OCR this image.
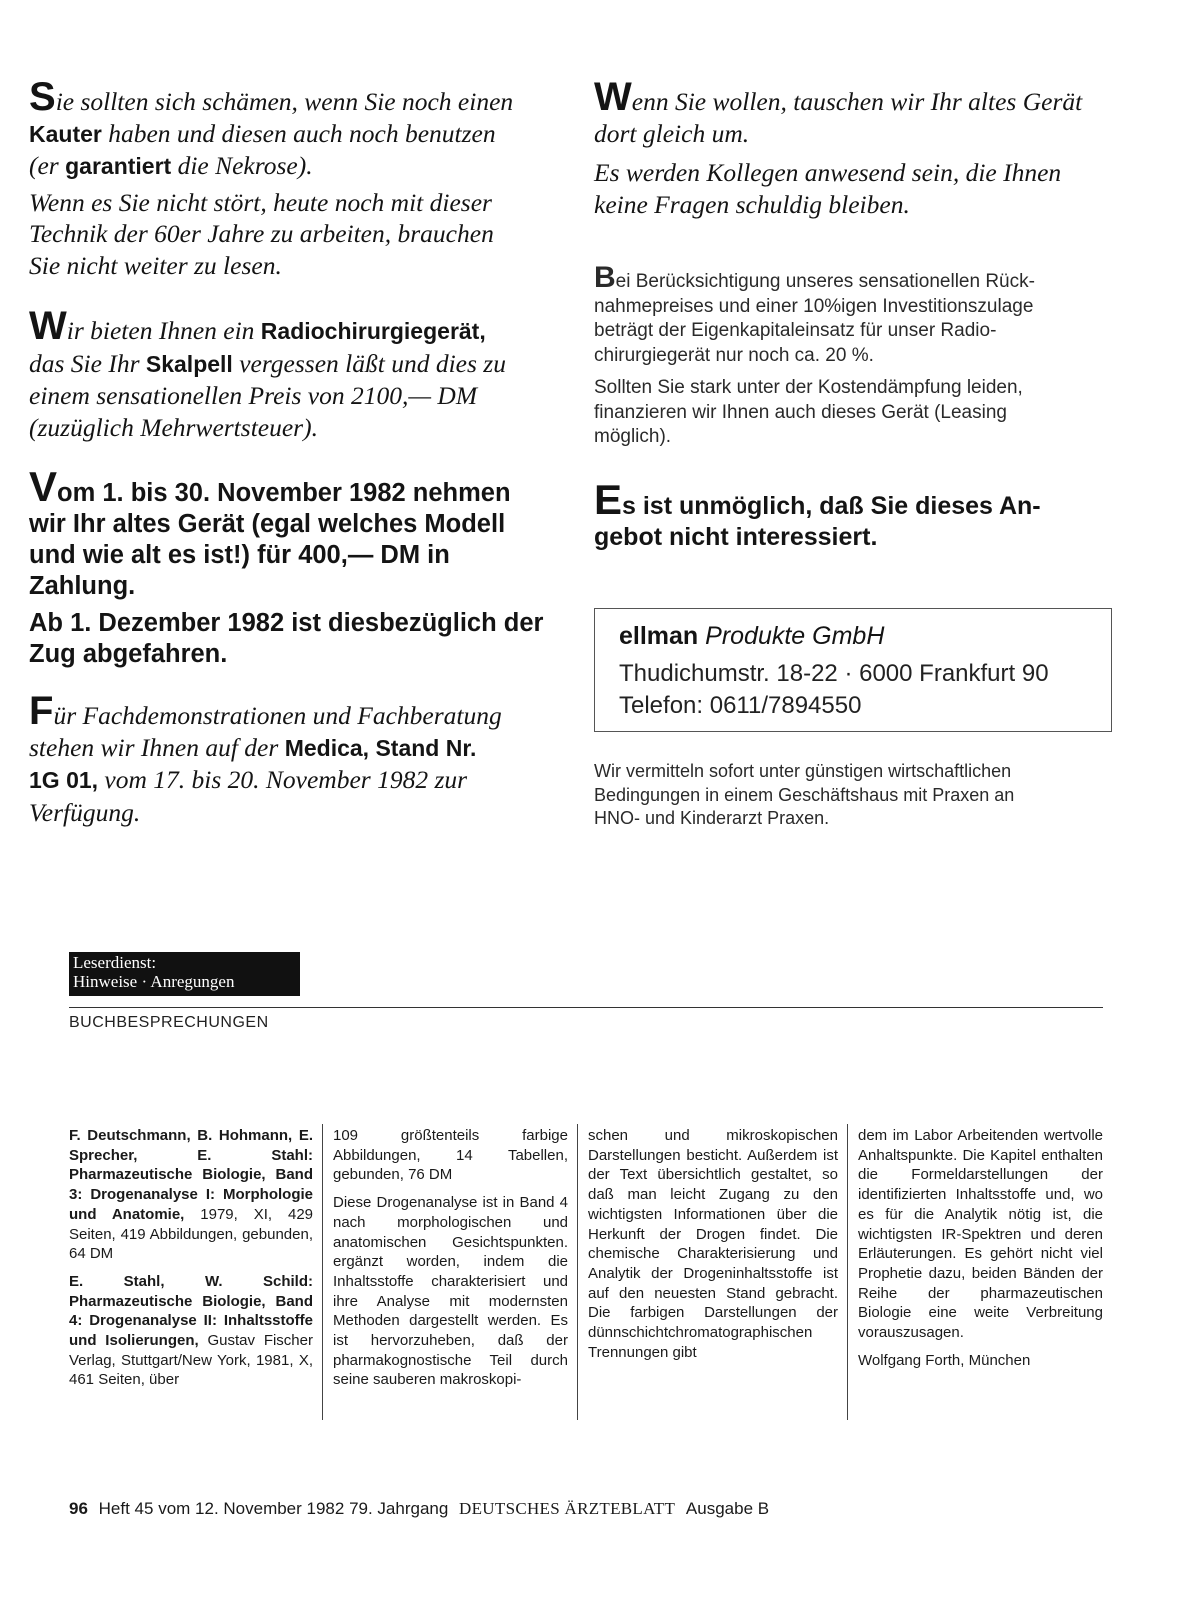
Sie sollten sich schämen, wenn Sie noch einen
Kauter haben und diesen auch noch benutzen
(er garantiert die Nekrose).

Wenn es Sie nicht stört, heute noch mit dieser
Technik der 60er Jahre zu arbeiten, brauchen
Sie nicht weiter zu lesen.

Wir bieten Ihnen ein Radiochirurgiegerät,
das Sie Ihr Skalpell vergessen läßt und dies zu
einem sensationellen Preis von 2100,— DM
(zuzüglich Mehrwertsteuer).

Vom 1. bis 30. November 1982 nehmen
wir Ihr altes Gerät (egal welches Modell
und wie alt es ist!) für 400,— DM in
Zahlung.

Ab 1. Dezember 1982 ist diesbezüglich der
Zug abgefahren.

Für Fachdemonstrationen und Fachberatung
stehen wir Ihnen auf der Medica, Stand Nr.
1G 01, vom 17. bis 20. November 1982 zur
Verfügung.

Wenn Sie wollen, tauschen wir Ihr altes Gerät
dort gleich um.

Es werden Kollegen anwesend sein, die Ihnen
keine Fragen schuldig bleiben.

Bei Berücksichtigung unseres sensationellen Rück-
nahmepreises und einer 10%igen Investitionszulage
beträgt der Eigenkapitaleinsatz für unser Radio-
chirurgiegerät nur noch ca. 20 %.

Sollten Sie stark unter der Kostendämpfung leiden,
finanzieren wir Ihnen auch dieses Gerät (Leasing
möglich).

Es ist unmöglich, daß Sie dieses An-
gebot nicht interessiert.

ellman Produkte GmbH
Thudichumstr. 18-22 · 6000 Frankfurt 90
Telefon: 0611/7894550

Wir vermitteln sofort unter günstigen wirtschaftlichen
Bedingungen in einem Geschäftshaus mit Praxen an
HNO- und Kinderarzt Praxen.

Leserdienst:
Hinweise · Anregungen
BUCHBESPRECHUNGEN

F. Deutschmann, B. Hohmann, E. Sprecher, E. Stahl: Pharmazeutische Biologie, Band 3: Drogenanalyse I: Morphologie und Anatomie, 1979, XI, 429 Seiten, 419 Abbildungen, gebunden, 64 DM

E. Stahl, W. Schild: Pharmazeutische Biologie, Band 4: Drogenanalyse II: Inhaltsstoffe und Isolierungen, Gustav Fischer Verlag, Stuttgart/New York, 1981, X, 461 Seiten, über

109 größtenteils farbige Abbildungen, 14 Tabellen, gebunden, 76 DM

Diese Drogenanalyse ist in Band 4 nach morphologischen und anatomischen Gesichtspunkten. ergänzt worden, indem die Inhaltsstoffe charakterisiert und ihre Analyse mit modernsten Methoden dargestellt werden. Es ist hervorzuheben, daß der pharmakognostische Teil durch seine sauberen makroskopi-

schen und mikroskopischen Darstellungen besticht. Außerdem ist der Text übersichtlich gestaltet, so daß man leicht Zugang zu den wichtigsten Informationen über die Herkunft der Drogen findet. Die chemische Charakterisierung und Analytik der Drogeninhaltsstoffe ist auf den neuesten Stand gebracht. Die farbigen Darstellungen der dünnschichtchromatographischen Trennungen gibt

dem im Labor Arbeitenden wertvolle Anhaltspunkte. Die Kapitel enthalten die Formeldarstellungen der identifizierten Inhaltsstoffe und, wo es für die Analytik nötig ist, die wichtigsten IR-Spektren und deren Erläuterungen. Es gehört nicht viel Prophetie dazu, beiden Bänden der Reihe der pharmazeutischen Biologie eine weite Verbreitung vorauszusagen.

Wolfgang Forth, München

96 Heft 45 vom 12. November 1982 79. Jahrgang DEUTSCHES ÄRZTEBLATT Ausgabe B
